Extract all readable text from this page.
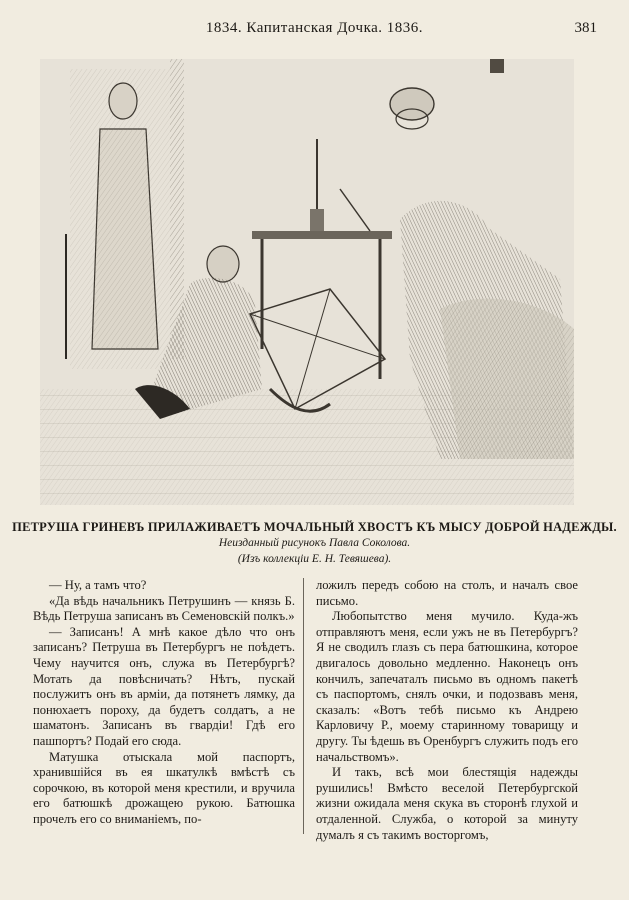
1834. Капитанская Дочка. 1836.	381
ПЕТРУША ГРИНЕВЪ ПРИЛАЖИВАЕТЪ МОЧАЛЬНЫЙ ХВОСТЪ КЪ МЫСУ ДОБРОЙ НАДЕЖДЫ.
Неизданный рисунокъ Павла Соколова.
(Изъ коллекціи Е. Н. Тевяшева).

— Ну, а тамъ что?

«Да вѣдь начальникъ Петрушинъ — князь Б. Вѣдь Петруша записанъ въ Семеновскій полкъ.»

— Записанъ! А мнѣ какое дѣло что онъ записанъ? Петруша въ Петербургъ не поѣдетъ. Чему научится онъ, служа въ Петербургѣ? Мотать да повѣсничать? Нѣтъ, пускай послужитъ онъ въ арміи, да потянетъ лямку, да понюхаетъ пороху, да будетъ солдатъ, а не шаматонъ. Записанъ въ гвардіи! Гдѣ его пашпортъ? Подай его сюда.

Матушка отыскала мой паспортъ, хранившійся въ ея шкатулкѣ вмѣстѣ съ сорочкою, въ которой меня крестили, и вручила его батюшкѣ дрожащею рукою. Батюшка прочелъ его со вниманіемъ, по-

ложилъ передъ собою на столъ, и началъ свое письмо.

Любопытство меня мучило. Куда-жъ отправляютъ меня, если ужъ не въ Петербургъ? Я не сводилъ глазъ съ пера батюшкина, которое двигалось довольно медленно. Наконецъ онъ кончилъ, запечаталъ письмо въ одномъ пакетѣ съ паспортомъ, снялъ очки, и подозвавъ меня, сказалъ: «Вотъ тебѣ письмо къ Андрею Карловичу Р., моему старинному товарищу и другу. Ты ѣдешь въ Оренбургъ служить подъ его начальствомъ».

И такъ, всѣ мои блестящія надежды рушились! Вмѣсто веселой Петербургской жизни ожидала меня скука въ сторонѣ глухой и отдаленной. Служба, о которой за минуту думалъ я съ такимъ восторгомъ,
